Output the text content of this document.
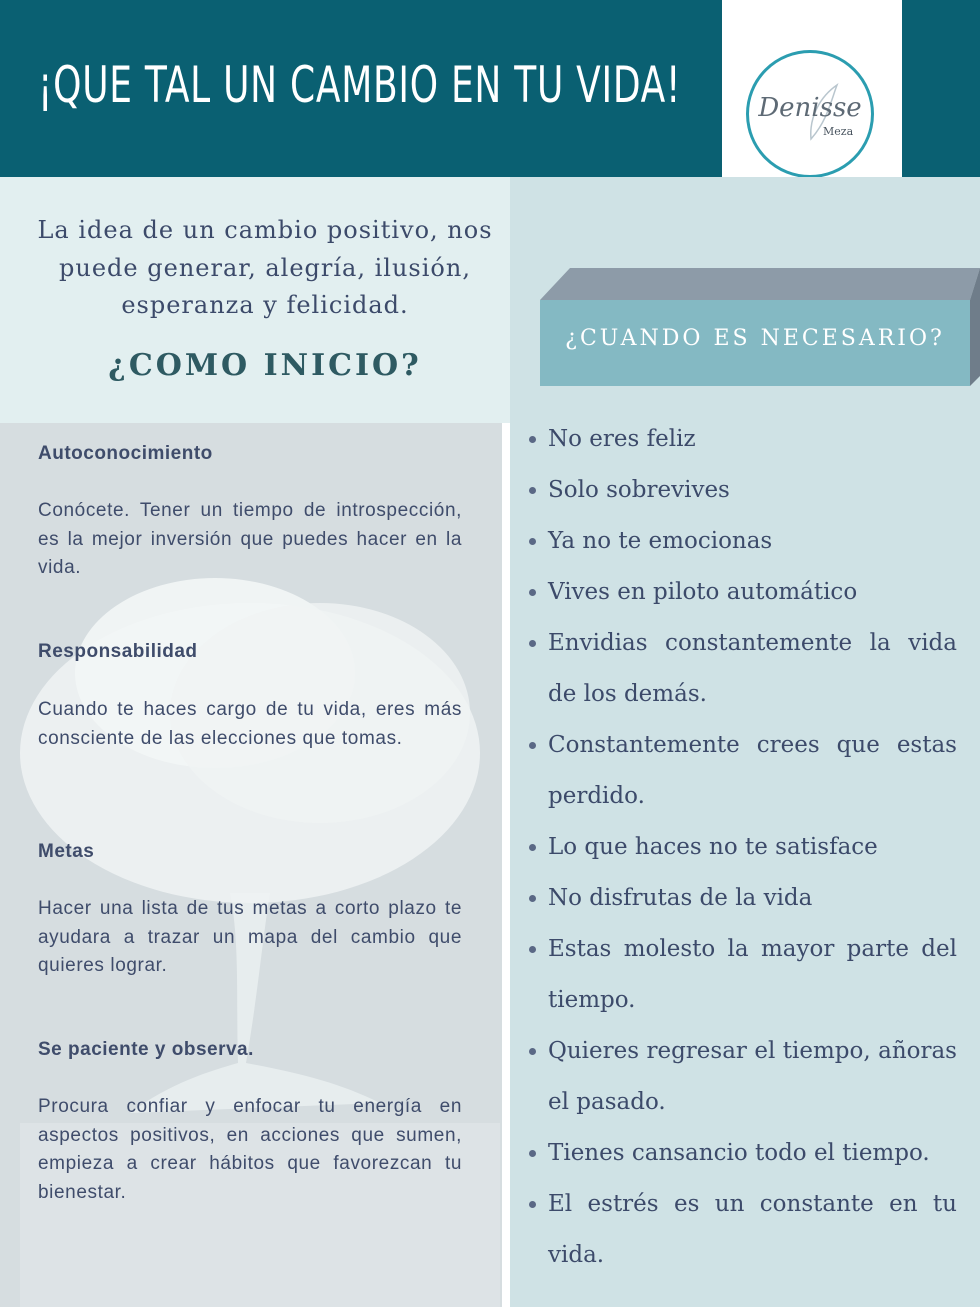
¡QUE TAL UN CAMBIO EN TU VIDA!	Denisse
Meza
La idea de un cambio positivo, nos puede generar, alegría, ilusión, esperanza y felicidad.
¿COMO INICIO?
Autoconocimiento
Conócete. Tener un tiempo de introspección, es la mejor inversión que puedes hacer en la vida.
Responsabilidad
Cuando te haces cargo de tu vida, eres más consciente de las elecciones que tomas.
Metas
Hacer una lista de tus metas a corto plazo te ayudara a trazar un mapa del cambio que quieres lograr.
Se paciente y observa.
Procura confiar y enfocar tu energía en aspectos positivos, en acciones que sumen, empieza a crear hábitos que favorezcan tu bienestar.
¿CUANDO ES NECESARIO?
No eres feliz
Solo sobrevives
Ya no te emocionas
Vives en piloto automático
Envidias constantemente la vida de los demás.
Constantemente crees que estas perdido.
Lo que haces no te satisface
No disfrutas de la vida
Estas molesto la mayor parte del tiempo.
Quieres regresar el tiempo, añoras el pasado.
Tienes cansancio todo el tiempo.
El estrés es un constante en tu vida.
